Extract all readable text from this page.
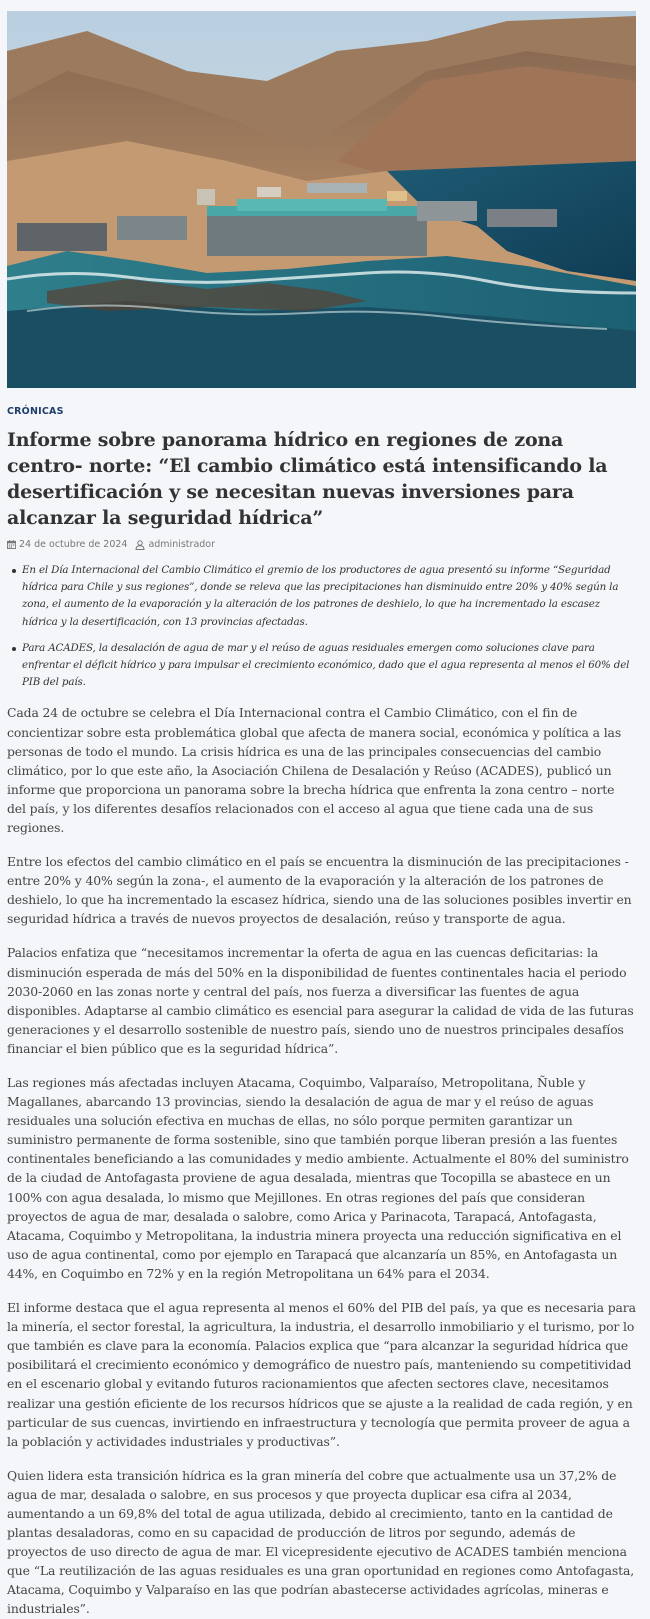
CRÓNICAS
Informe sobre panorama hídrico en regiones de zona centro- norte: “El cambio climático está intensificando la desertificación y se necesitan nuevas inversiones para alcanzar la seguridad hídrica”
24 de octubre de 2024 administrador
En el Día Internacional del Cambio Climático el gremio de los productores de agua presentó su informe “Seguridad hídrica para Chile y sus regiones”, donde se releva que las precipitaciones han disminuido entre 20% y 40% según la zona, el aumento de la evaporación y la alteración de los patrones de deshielo, lo que ha incrementado la escasez hídrica y la desertificación, con 13 provincias afectadas.
Para ACADES, la desalación de agua de mar y el reúso de aguas residuales emergen como soluciones clave para enfrentar el déficit hídrico y para impulsar el crecimiento económico, dado que el agua representa al menos el 60% del PIB del país.

Cada 24 de octubre se celebra el Día Internacional contra el Cambio Climático, con el fin de concientizar sobre esta problemática global que afecta de manera social, económica y política a las personas de todo el mundo. La crisis hídrica es una de las principales consecuencias del cambio climático, por lo que este año, la Asociación Chilena de Desalación y Reúso (ACADES), publicó un informe que proporciona un panorama sobre la brecha hídrica que enfrenta la zona centro – norte del país, y los diferentes desafíos relacionados con el acceso al agua que tiene cada una de sus regiones.

Entre los efectos del cambio climático en el país se encuentra la disminución de las precipitaciones -entre 20% y 40% según la zona-, el aumento de la evaporación y la alteración de los patrones de deshielo, lo que ha incrementado la escasez hídrica, siendo una de las soluciones posibles invertir en seguridad hídrica a través de nuevos proyectos de desalación, reúso y transporte de agua.

Palacios enfatiza que “necesitamos incrementar la oferta de agua en las cuencas deficitarias: la disminución esperada de más del 50% en la disponibilidad de fuentes continentales hacia el periodo 2030-2060 en las zonas norte y central del país, nos fuerza a diversificar las fuentes de agua disponibles. Adaptarse al cambio climático es esencial para asegurar la calidad de vida de las futuras generaciones y el desarrollo sostenible de nuestro país, siendo uno de nuestros principales desafíos financiar el bien público que es la seguridad hídrica”.

Las regiones más afectadas incluyen Atacama, Coquimbo, Valparaíso, Metropolitana, Ñuble y Magallanes, abarcando 13 provincias, siendo la desalación de agua de mar y el reúso de aguas residuales una solución efectiva en muchas de ellas, no sólo porque permiten garantizar un suministro permanente de forma sostenible, sino que también porque liberan presión a las fuentes continentales beneficiando a las comunidades y medio ambiente. Actualmente el 80% del suministro de la ciudad de Antofagasta proviene de agua desalada, mientras que Tocopilla se abastece en un 100% con agua desalada, lo mismo que Mejillones. En otras regiones del país que consideran proyectos de agua de mar, desalada o salobre, como Arica y Parinacota, Tarapacá, Antofagasta, Atacama, Coquimbo y Metropolitana, la industria minera proyecta una reducción significativa en el uso de agua continental, como por ejemplo en Tarapacá que alcanzaría un 85%, en Antofagasta un 44%, en Coquimbo en 72% y en la región Metropolitana un 64% para el 2034.

El informe destaca que el agua representa al menos el 60% del PIB del país, ya que es necesaria para la minería, el sector forestal, la agricultura, la industria, el desarrollo inmobiliario y el turismo, por lo que también es clave para la economía. Palacios explica que “para alcanzar la seguridad hídrica que posibilitará el crecimiento económico y demográfico de nuestro país, manteniendo su competitividad en el escenario global y evitando futuros racionamientos que afecten sectores clave, necesitamos realizar una gestión eficiente de los recursos hídricos que se ajuste a la realidad de cada región, y en particular de sus cuencas, invirtiendo en infraestructura y tecnología que permita proveer de agua a la población y actividades industriales y productivas”.

Quien lidera esta transición hídrica es la gran minería del cobre que actualmente usa un 37,2% de agua de mar, desalada o salobre, en sus procesos y que proyecta duplicar esa cifra al 2034, aumentando a un 69,8% del total de agua utilizada, debido al crecimiento, tanto en la cantidad de plantas desaladoras, como en su capacidad de producción de litros por segundo, además de proyectos de uso directo de agua de mar. El vicepresidente ejecutivo de ACADES también menciona que “La reutilización de las aguas residuales es una gran oportunidad en regiones como Antofagasta, Atacama, Coquimbo y Valparaíso en las que podrían abastecerse actividades agrícolas, mineras e industriales”.
